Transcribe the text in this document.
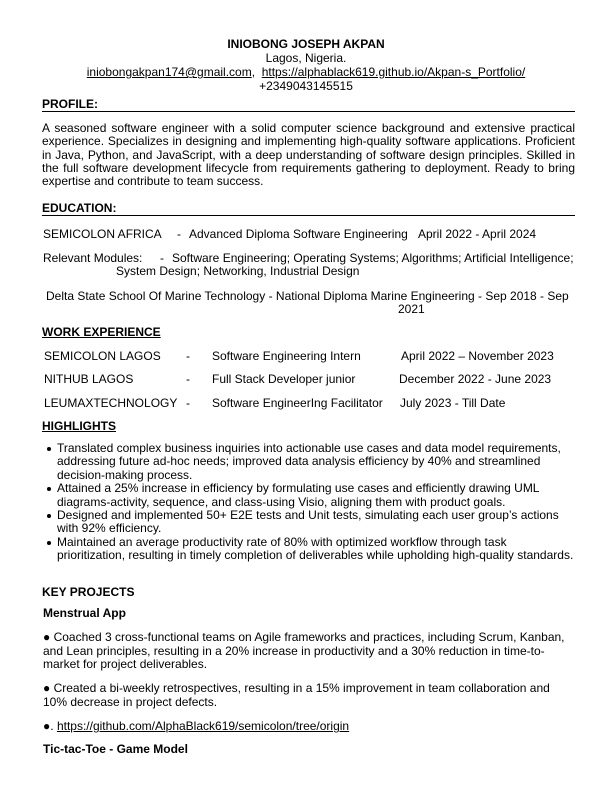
INIOBONG JOSEPH AKPAN
Lagos, Nigeria.
iniobongakpan174@gmail.com, https://alphablack619.github.io/Akpan-s_Portfolio/
+2349043145515
PROFILE:
A seasoned software engineer with a solid computer science background and extensive practical experience. Specializes in designing and implementing high-quality software applications. Proficient in Java, Python, and JavaScript, with a deep understanding of software design principles. Skilled in the full software development lifecycle from requirements gathering to deployment. Ready to bring expertise and contribute to team success.
EDUCATION:
SEMICOLON AFRICA - Advanced Diploma Software Engineering April 2022 - April 2024
Relevant Modules: - Software Engineering; Operating Systems; Algorithms; Artificial Intelligence;
System Design; Networking, Industrial Design
Delta State School Of Marine Technology - National Diploma Marine Engineering - Sep 2018 - Sep
2021
WORK EXPERIENCE
SEMICOLON LAGOS - Software Engineering Intern	April 2022 – November 2023
NITHUB LAGOS	- Full Stack Developer junior	December 2022 - June 2023
LEUMAXTECHNOLOGY - Software EngineerIng Facilitator July 2023 - Till Date
HIGHLIGHTS
Translated complex business inquiries into actionable use cases and data model requirements, addressing future ad-hoc needs; improved data analysis efficiency by 40% and streamlined decision-making process.
Attained a 25% increase in efficiency by formulating use cases and efficiently drawing UML diagrams-activity, sequence, and class-using Visio, aligning them with product goals.
Designed and implemented 50+ E2E tests and Unit tests, simulating each user group’s actions with 92% efficiency.
Maintained an average productivity rate of 80% with optimized workflow through task prioritization, resulting in timely completion of deliverables while upholding high-quality standards.
KEY PROJECTS
Menstrual App
● Coached 3 cross-functional teams on Agile frameworks and practices, including Scrum, Kanban, and Lean principles, resulting in a 20% increase in productivity and a 30% reduction in time-to-market for project deliverables.
● Created a bi-weekly retrospectives, resulting in a 15% improvement in team collaboration and 10% decrease in project defects.
●. https://github.com/AlphaBlack619/semicolon/tree/origin
Tic-tac-Toe - Game Model
